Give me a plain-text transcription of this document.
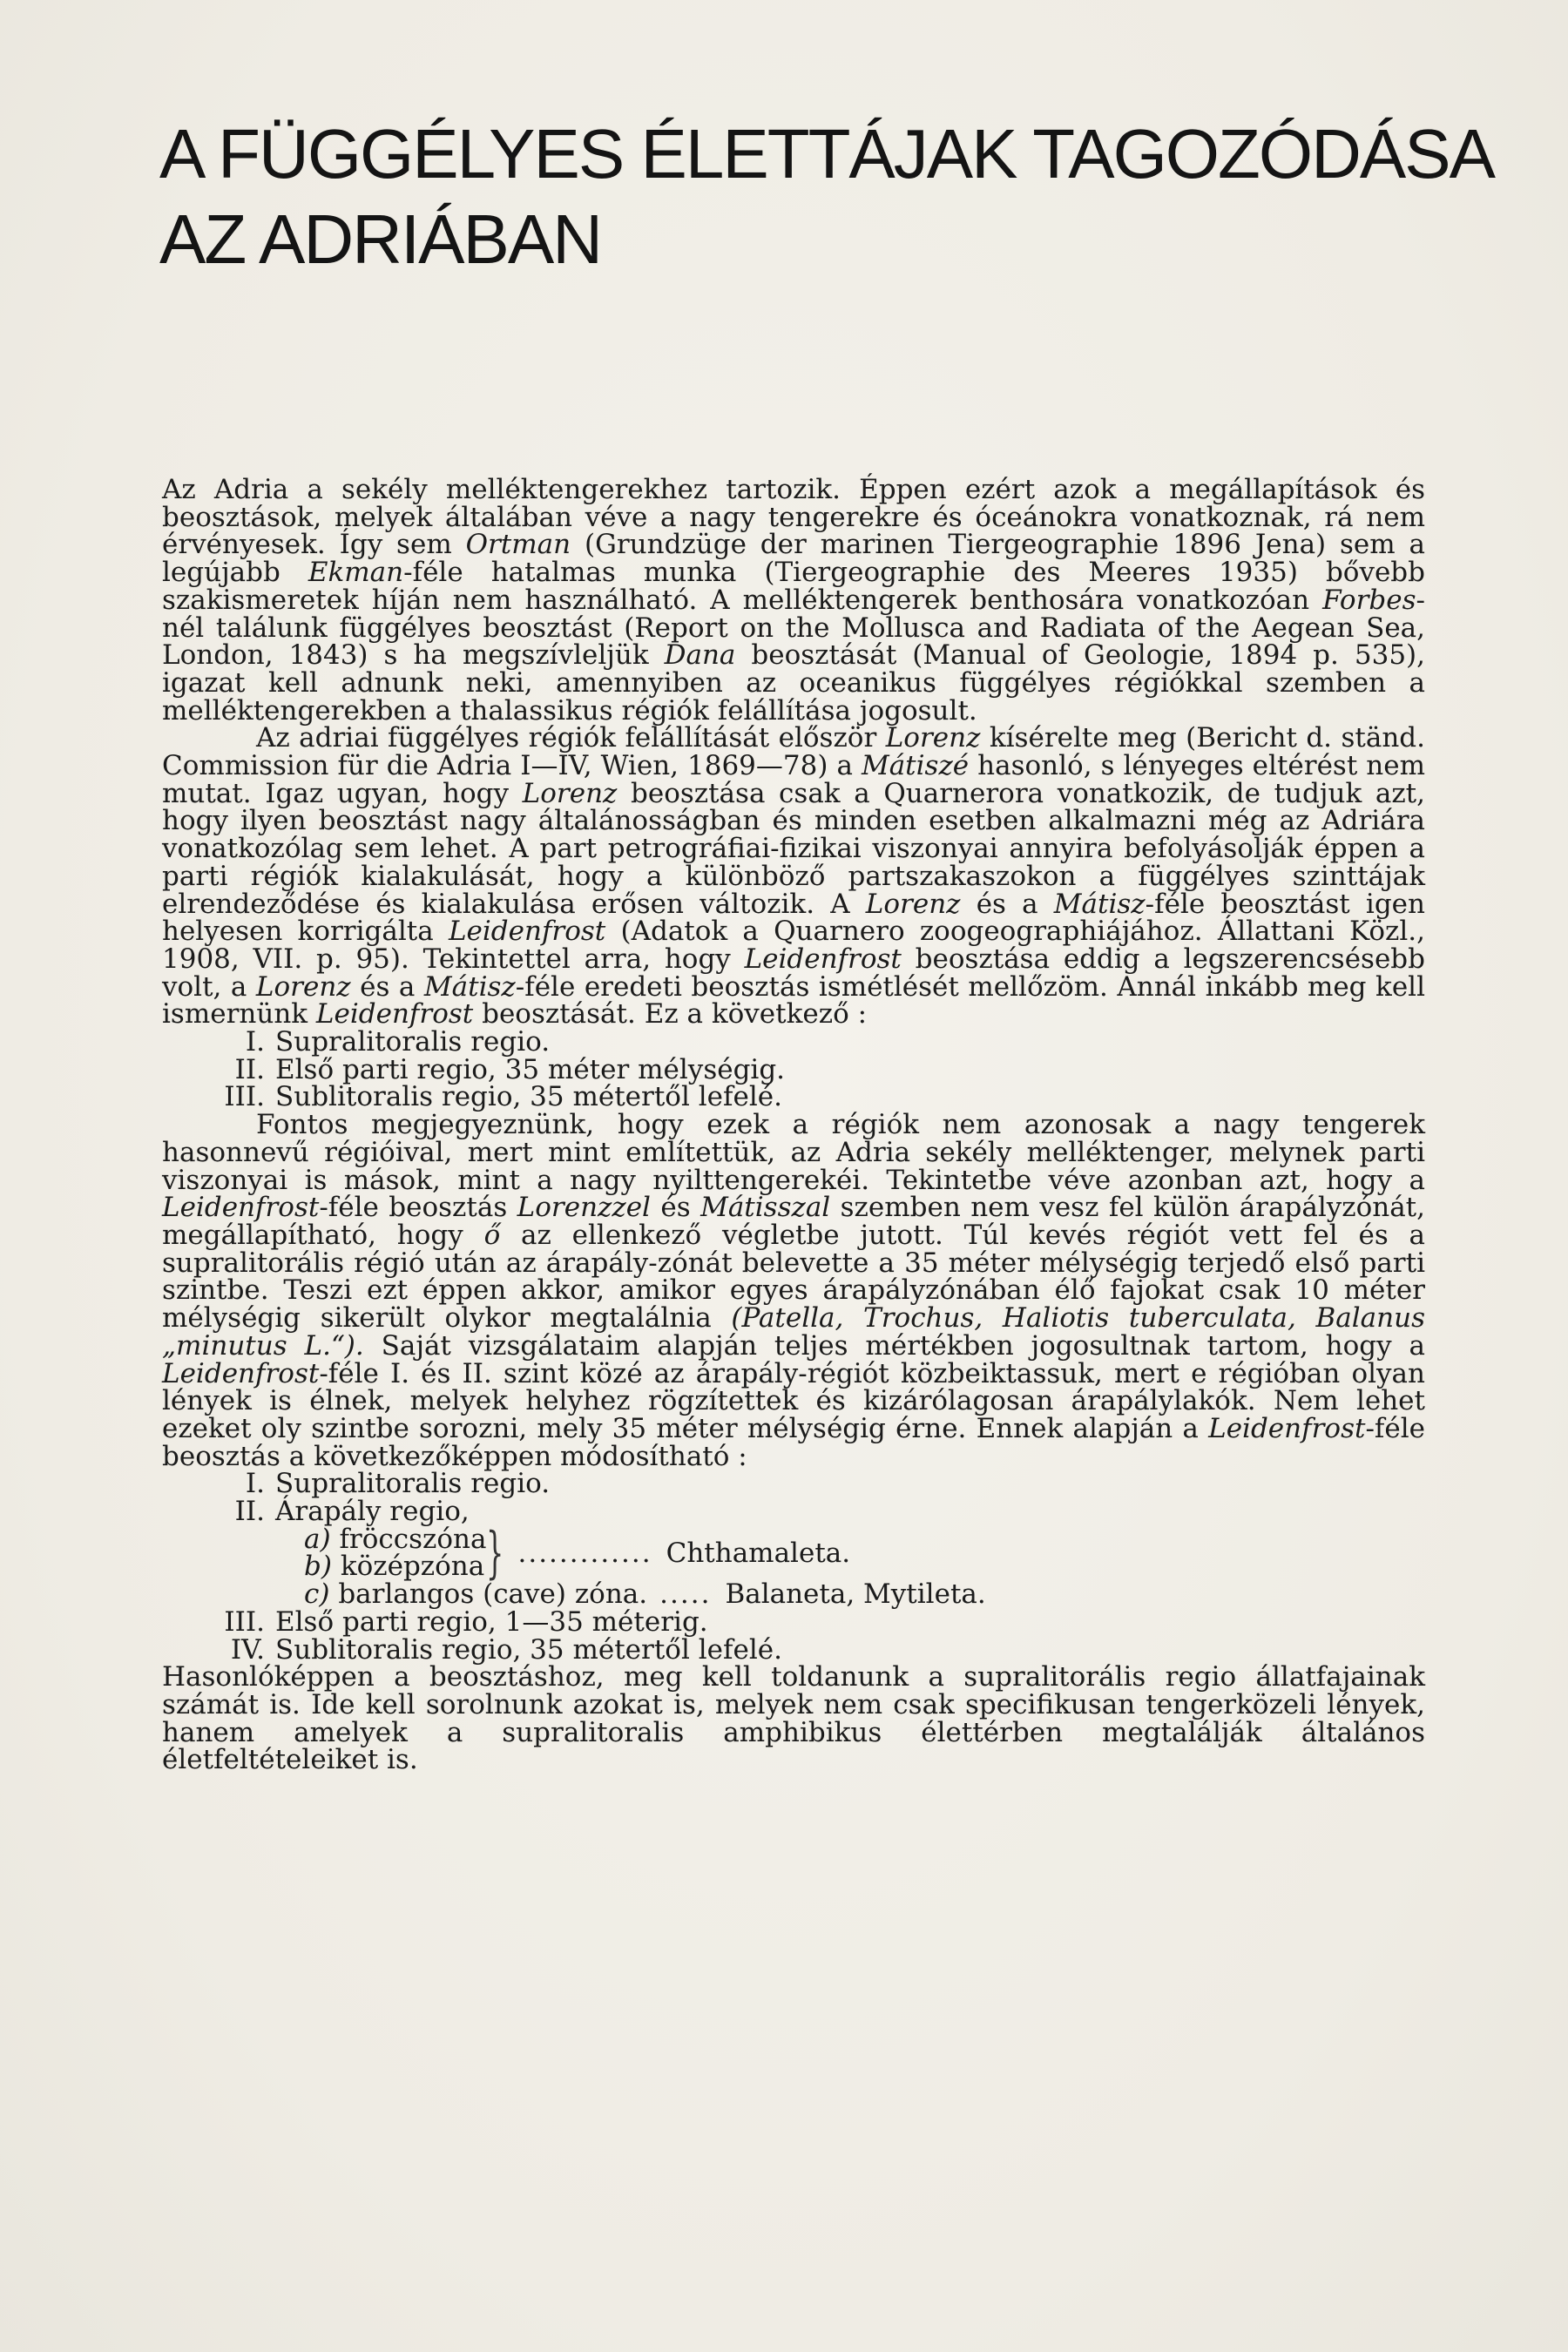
A FÜGGÉLYES ÉLETTÁJAK TAGOZÓDÁSA
AZ ADRIÁBAN

Az Adria a sekély melléktengerekhez tartozik. Éppen ezért azok a megállapítások és beosztások, melyek általában véve a nagy tengerekre és óceánokra vonatkoznak, rá nem érvényesek. Így sem Ortman (Grundzüge der marinen Tiergeographie 1896 Jena) sem a legújabb Ekman-féle hatalmas munka (Tiergeographie des Meeres 1935) bővebb szakismeretek híján nem használható. A melléktengerek benthosára vonatkozóan Forbes-nél találunk függélyes beosztást (Report on the Mollusca and Radiata of the Aegean Sea, London, 1843) s ha megszívleljük Dana beosztását (Manual of Geologie, 1894 p. 535), igazat kell adnunk neki, amennyiben az oceanikus függélyes régiókkal szemben a melléktengerekben a thalassikus régiók felállítása jogosult.

Az adriai függélyes régiók felállítását először Lorenz kísérelte meg (Bericht d. ständ. Commission für die Adria I—IV, Wien, 1869—78) a Mátiszé hasonló, s lényeges eltérést nem mutat. Igaz ugyan, hogy Lorenz beosztása csak a Quarnerora vonatkozik, de tudjuk azt, hogy ilyen beosztást nagy általánosságban és minden esetben alkalmazni még az Adriára vonatkozólag sem lehet. A part petrográfiai-fizikai viszonyai annyira befolyásolják éppen a parti régiók kialakulását, hogy a különböző partszakaszokon a függélyes szinttájak elrendeződése és kialakulása erősen változik. A Lorenz és a Mátisz-féle beosztást igen helyesen korrigálta Leidenfrost (Adatok a Quarnero zoogeographiájához. Állattani Közl., 1908, VII. p. 95). Tekintettel arra, hogy Leidenfrost beosztása eddig a legszerencsésebb volt, a Lorenz és a Mátisz-féle eredeti beosztás ismétlését mellőzöm. Annál inkább meg kell ismernünk Leidenfrost beosztását. Ez a következő :

I. Supralitoralis regio.
II. Első parti regio, 35 méter mélységig.
III. Sublitoralis regio, 35 métertől lefelé.

Fontos megjegyeznünk, hogy ezek a régiók nem azonosak a nagy tengerek hasonnevű régióival, mert mint említettük, az Adria sekély melléktenger, melynek parti viszonyai is mások, mint a nagy nyilttengerekéi. Tekintetbe véve azonban azt, hogy a Leidenfrost-féle beosztás Lorenzzel és Mátisszal szemben nem vesz fel külön árapályzónát, megállapítható, hogy ő az ellenkező végletbe jutott. Túl kevés régiót vett fel és a supralitorális régió után az árapály-zónát belevette a 35 méter mélységig terjedő első parti szintbe. Teszi ezt éppen akkor, amikor egyes árapályzónában élő fajokat csak 10 méter mélységig sikerült olykor megtalálnia (Patella, Trochus, Haliotis tuberculata, Balanus „minutus L.“). Saját vizsgálataim alapján teljes mértékben jogosultnak tartom, hogy a Leidenfrost-féle I. és II. szint közé az árapály-régiót közbeiktassuk, mert e régióban olyan lények is élnek, melyek helyhez rögzítettek és kizárólagosan árapálylakók. Nem lehet ezeket oly szintbe sorozni, mely 35 méter mélységig érne. Ennek alapján a Leidenfrost-féle beosztás a következőképpen módosítható :

I. Supralitoralis regio.
II. Árapály regio,
a) fröccszóna
b) középzóna } ............. Chthamaleta.
c)
barlangos (cave) zóna. ..... Balaneta, Mytileta.
III. Első parti regio, 1—35 méterig.
IV. Sublitoralis regio, 35 métertől lefelé.

Hasonlóképpen a beosztáshoz, meg kell toldanunk a supralitorális regio állatfajainak számát is. Ide kell sorolnunk azokat is, melyek nem csak specifikusan tengerközeli lények, hanem amelyek a supralitoralis amphibikus élettérben megtalálják általános életfeltételeiket is.
